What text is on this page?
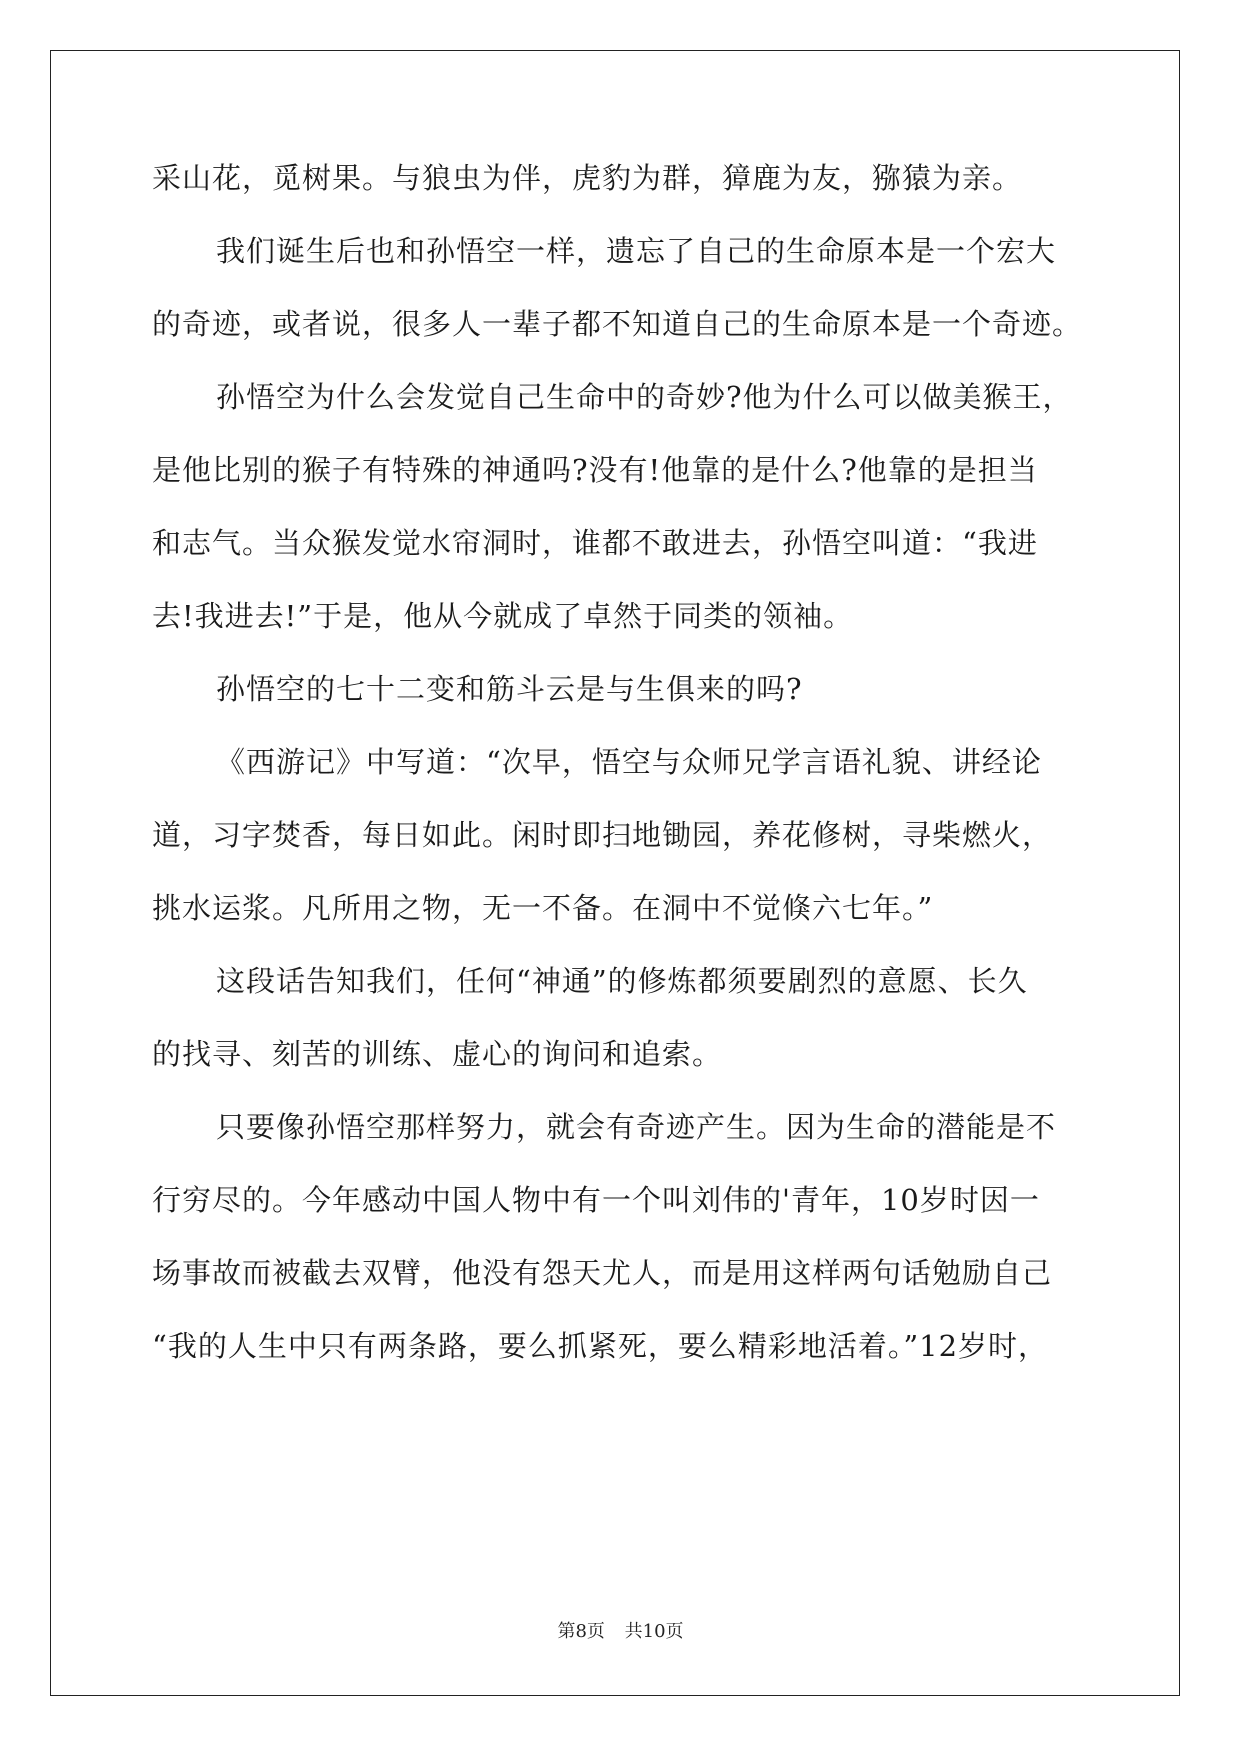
采山花，觅树果。与狼虫为伴，虎豹为群，獐鹿为友，猕猿为亲。
我们诞生后也和孙悟空一样，遗忘了自己的生命原本是一个宏大
的奇迹，或者说，很多人一辈子都不知道自己的生命原本是一个奇迹。
孙悟空为什么会发觉自己生命中的奇妙?他为什么可以做美猴王，
是他比别的猴子有特殊的神通吗?没有!他靠的是什么?他靠的是担当
和志气。当众猴发觉水帘洞时，谁都不敢进去，孙悟空叫道：“我进
去!我进去!”于是，他从今就成了卓然于同类的领袖。
孙悟空的七十二变和筋斗云是与生俱来的吗?
《西游记》中写道：“次早，悟空与众师兄学言语礼貌、讲经论
道，习字焚香，每日如此。闲时即扫地锄园，养花修树，寻柴燃火，
挑水运浆。凡所用之物，无一不备。在洞中不觉倏六七年。”
这段话告知我们，任何“神通”的修炼都须要剧烈的意愿、长久
的找寻、刻苦的训练、虚心的询问和追索。
只要像孙悟空那样努力，就会有奇迹产生。因为生命的潜能是不
行穷尽的。今年感动中国人物中有一个叫刘伟的'青年，10岁时因一
场事故而被截去双臂，他没有怨天尤人，而是用这样两句话勉励自己
“我的人生中只有两条路，要么抓紧死，要么精彩地活着。”12岁时，
第8页 共10页
